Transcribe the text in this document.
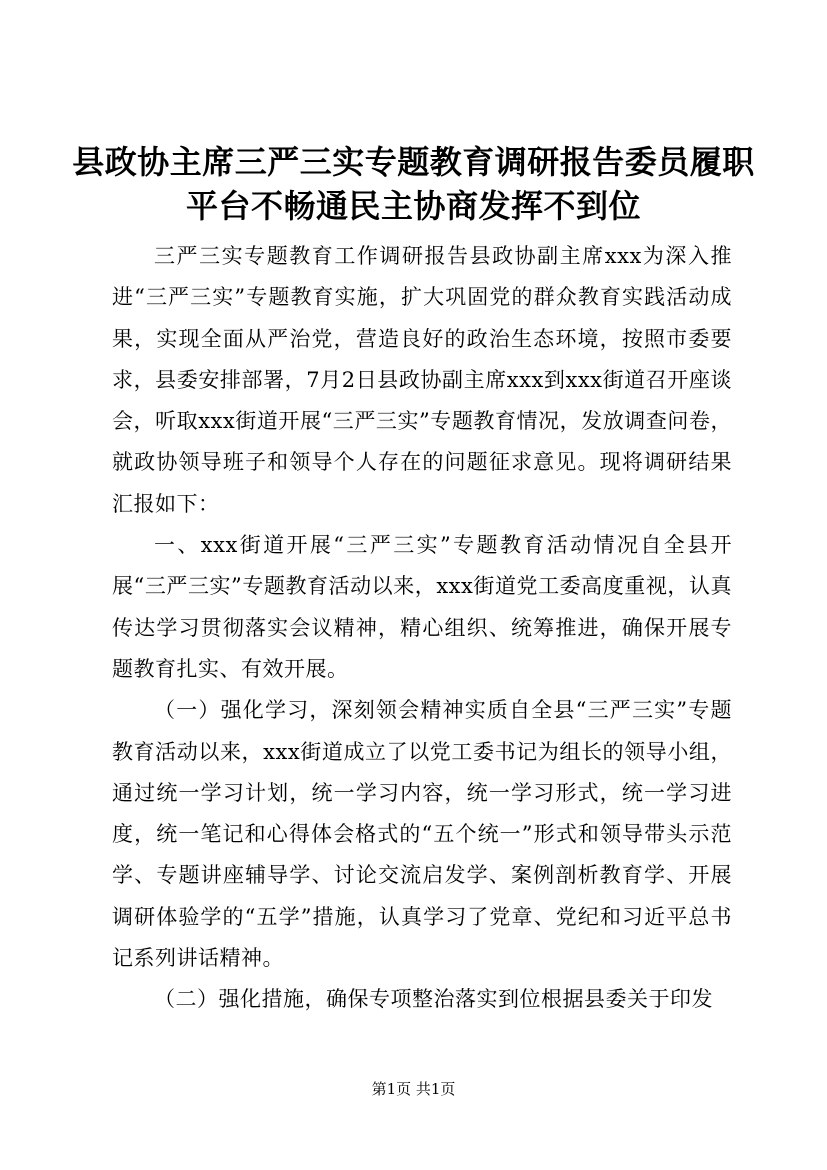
县政协主席三严三实专题教育调研报告委员履职平台不畅通民主协商发挥不到位

三严三实专题教育工作调研报告县政协副主席xxx为深入推进“三严三实”专题教育实施，扩大巩固党的群众教育实践活动成果，实现全面从严治党，营造良好的政治生态环境，按照市委要求，县委安排部署，7月2日县政协副主席xxx到xxx街道召开座谈会，听取xxx街道开展“三严三实”专题教育情况，发放调查问卷，就政协领导班子和领导个人存在的问题征求意见。现将调研结果汇报如下：

一、xxx街道开展“三严三实”专题教育活动情况自全县开展“三严三实”专题教育活动以来，xxx街道党工委高度重视，认真传达学习贯彻落实会议精神，精心组织、统筹推进，确保开展专题教育扎实、有效开展。

（一）强化学习，深刻领会精神实质自全县“三严三实”专题教育活动以来，xxx街道成立了以党工委书记为组长的领导小组，通过统一学习计划，统一学习内容，统一学习形式，统一学习进度，统一笔记和心得体会格式的“五个统一”形式和领导带头示范学、专题讲座辅导学、讨论交流启发学、案例剖析教育学、开展调研体验学的“五学”措施，认真学习了党章、党纪和习近平总书记系列讲话精神。

（二）强化措施，确保专项整治落实到位根据县委关于印发

第1页 共1页
